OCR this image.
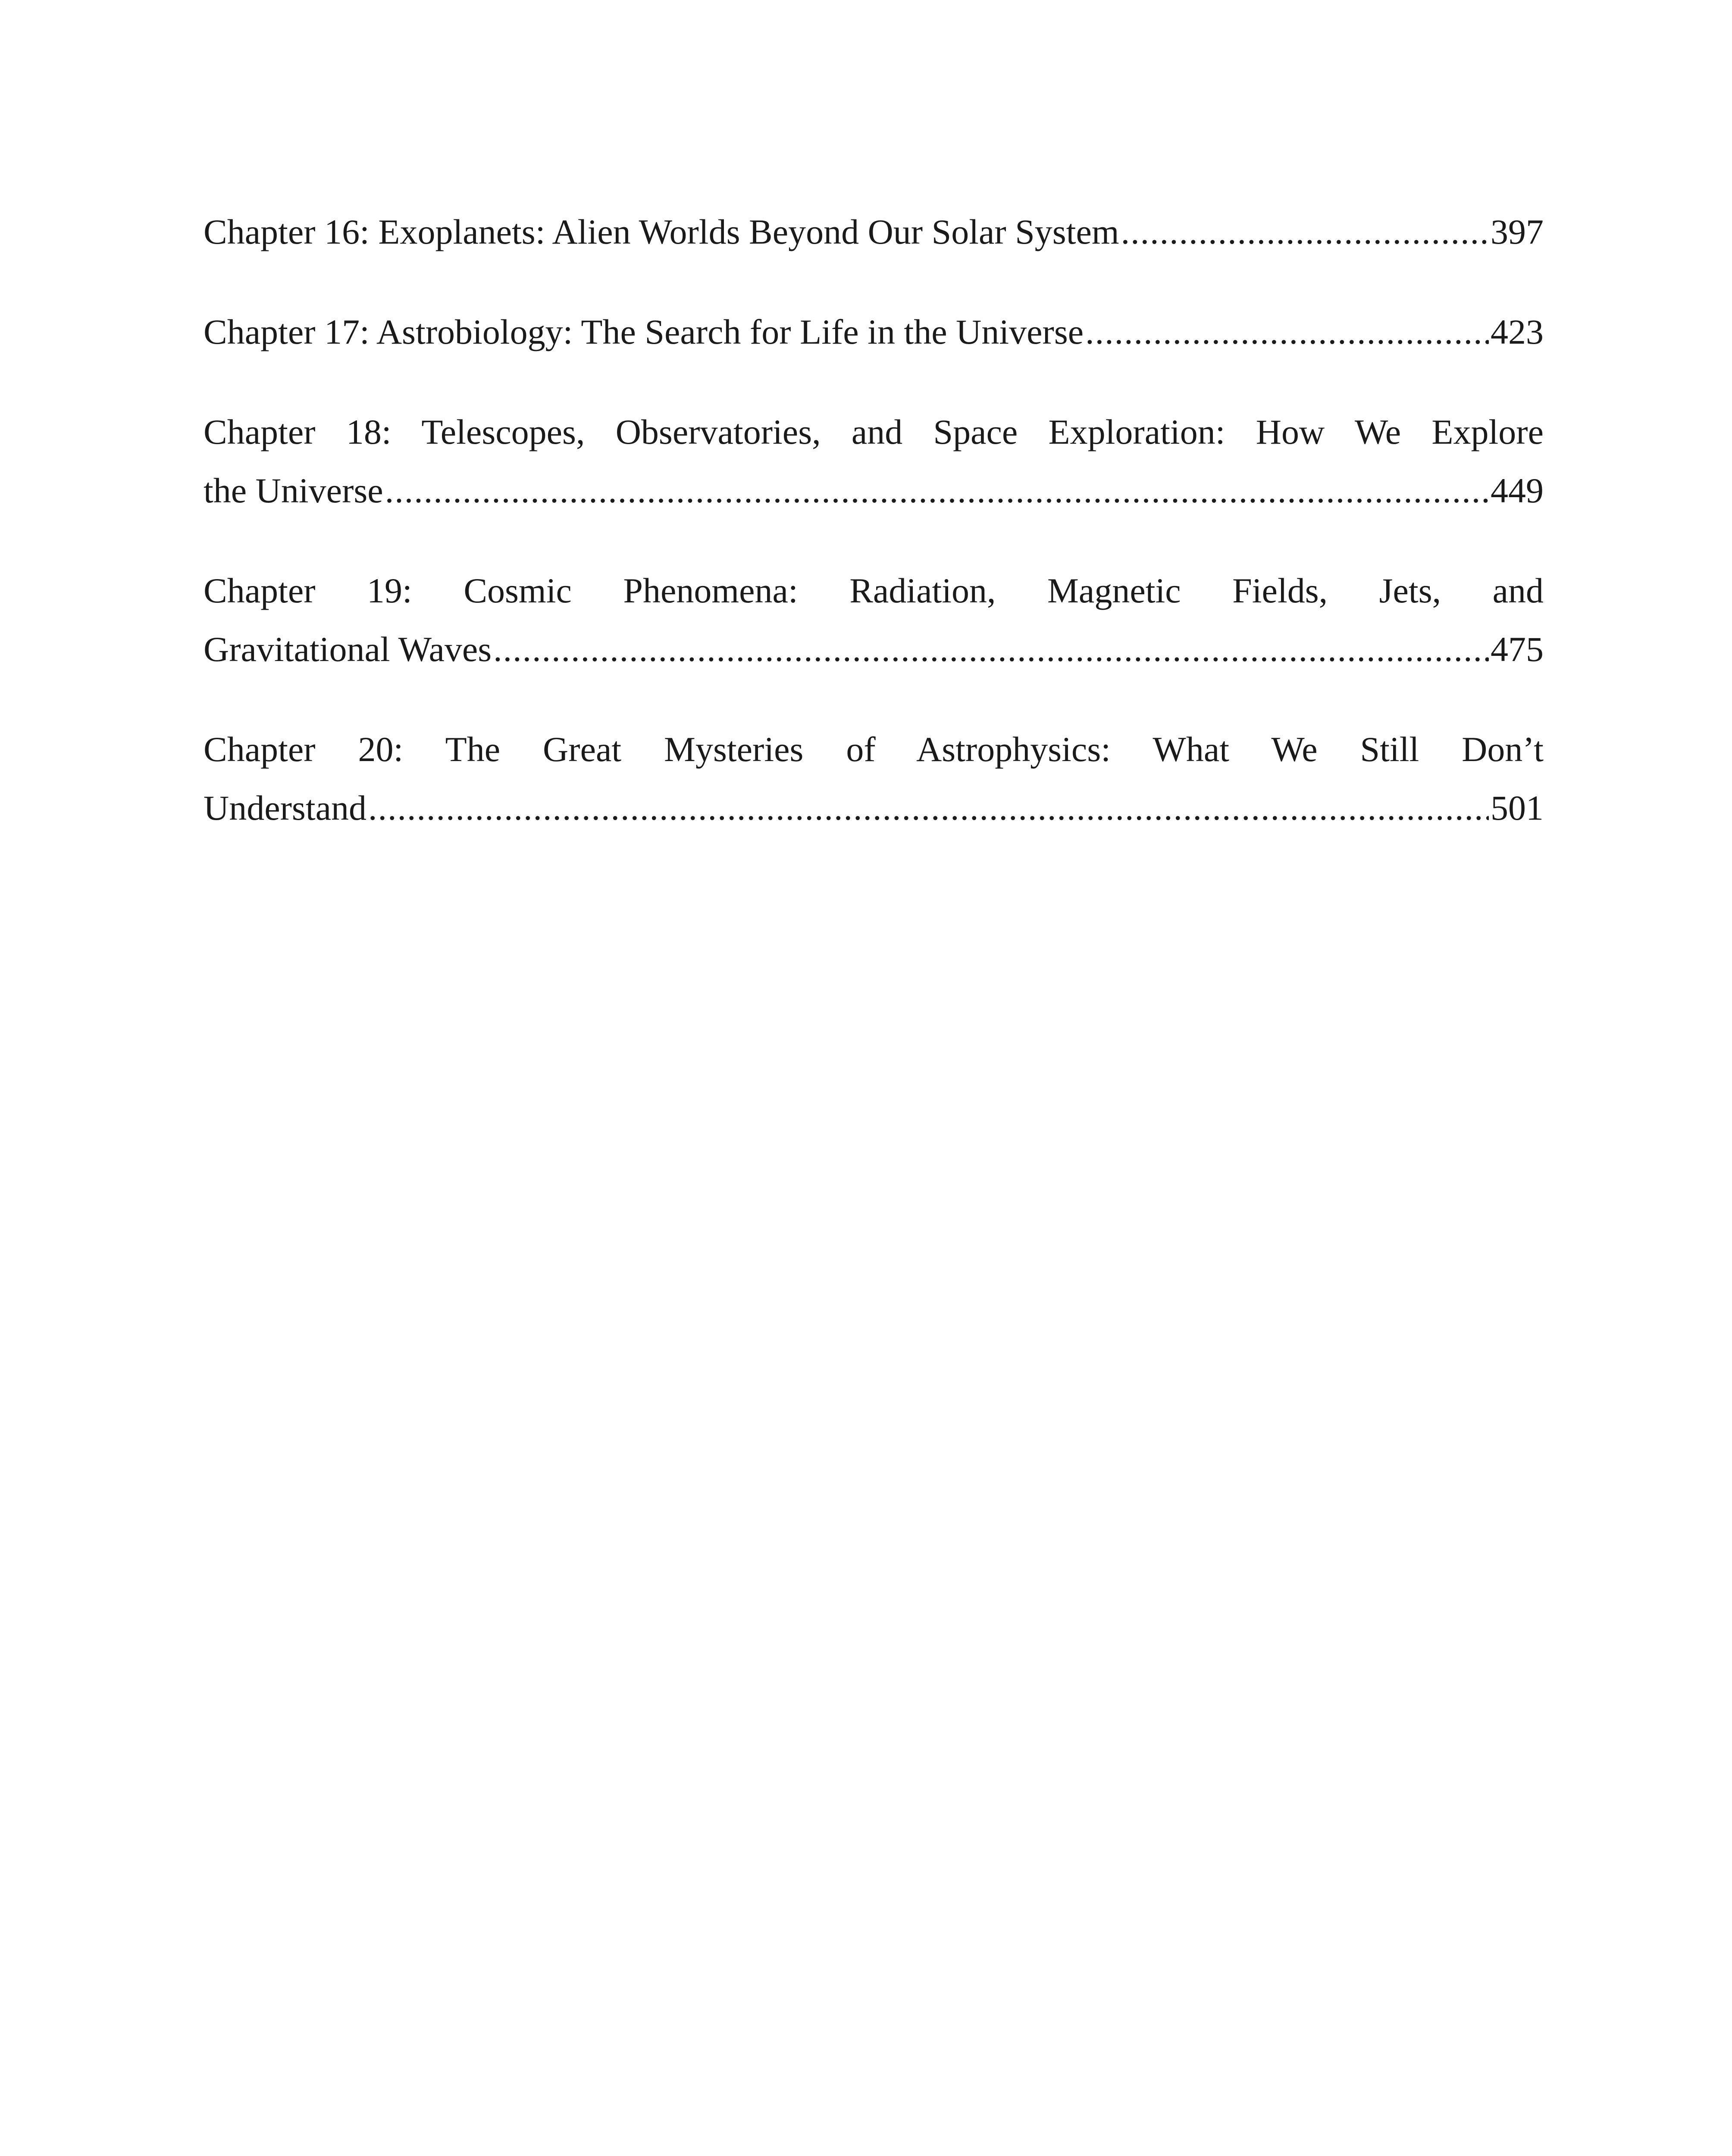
Chapter 16: Exoplanets: Alien Worlds Beyond Our Solar System .....	397
Chapter 17: Astrobiology: The Search for Life in the Universe .....	423
Chapter 18: Telescopes, Observatories, and Space Exploration: How We Explore
the Universe .....	449
Chapter 19: Cosmic Phenomena: Radiation, Magnetic Fields, Jets, and
Gravitational Waves .....	475
Chapter 20: The Great Mysteries of Astrophysics: What We Still Don’t
Understand .....	501
